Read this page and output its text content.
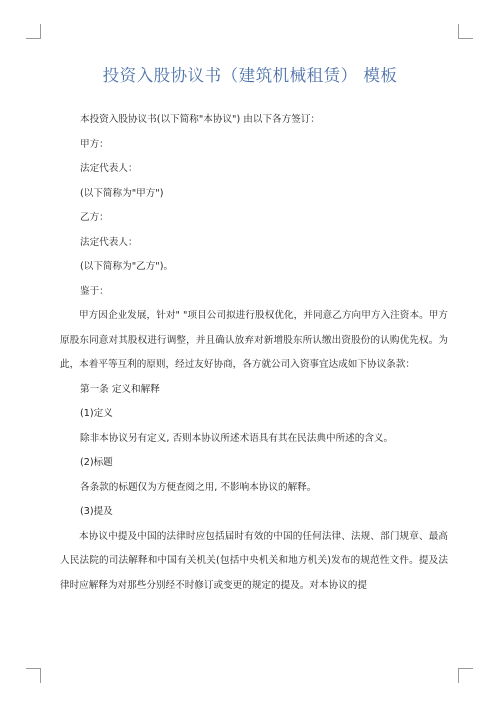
投资入股协议书（建筑机械租赁） 模板

本投资入股协议书(以下简称"本协议") 由以下各方签订：

甲方：

法定代表人：

(以下简称为"甲方")

乙方：

法定代表人：

(以下简称为"乙方")。

鉴于：

甲方因企业发展，针对" "项目公司拟进行股权优化，并同意乙方向甲方入注资本。甲方原股东同意对其股权进行调整，并且确认放弃对新增股东所认缴出资股份的认购优先权。为此，本着平等互利的原则，经过友好协商，各方就公司入资事宜达成如下协议条款：

第一条 定义和解释

(1)定义

除非本协议另有定义, 否则本协议所述术语具有其在民法典中所述的含义。

(2)标题

各条款的标题仅为方便查阅之用, 不影响本协议的解释。

(3)提及

本协议中提及中国的法律时应包括届时有效的中国的任何法律、法规、部门规章、最高人民法院的司法解释和中国有关机关(包括中央机关和地方机关)发布的规范性文件。提及法律时应解释为对那些分别经不时修订或变更的规定的提及。对本协议的提
